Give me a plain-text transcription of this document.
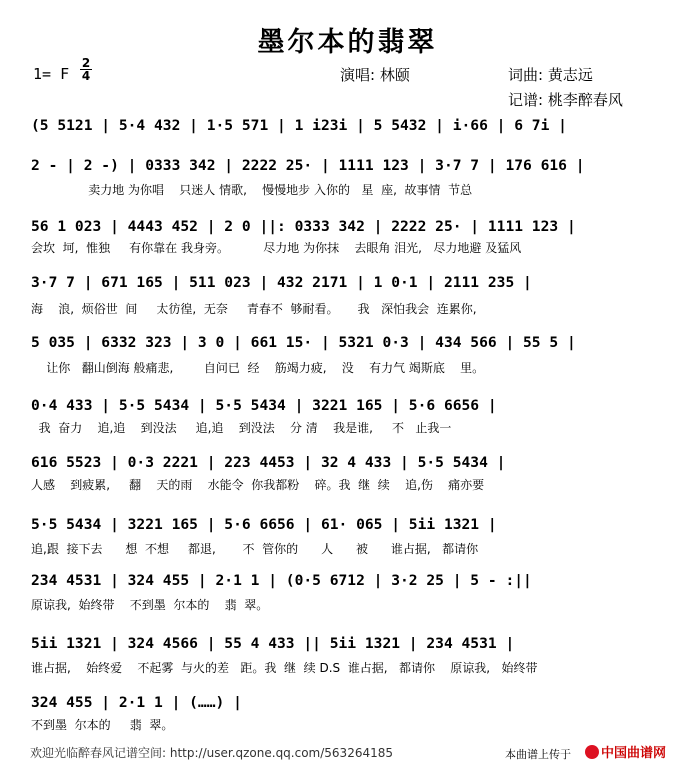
墨尔本的翡翠
1= F
2
4	演唱: 林颐	词曲: 黄志远
记谱: 桃李醉春风
(5 5121 | 5·4 432 | 1·5 571 | 1 i23i | 5 5432 | i·66 | 6 7i |
2 - | 2 -) | 0333 342 | 2222 25· | 1111 123 | 3·7 7 | 176 616 |
卖力地 为你唱    只迷人 情歌,    慢慢地步 入你的   星  座,  故事情  节总
56 1 023 | 4443 452 | 2 0 ||: 0333 342 | 2222 25· | 1111 123 |
会坎  坷,  惟独     有你靠在 我身旁。         尽力地 为你抹    去眼角 泪光,   尽力地避 及猛风
3·7 7 | 671 165 | 511 023 | 432 2171 | 1 0·1 | 2111 235 |
海    浪,  烦俗世  间     太彷徨,  无奈     青春不  够耐看。     我   深怕我会  连累你,
5 035 | 6332 323 | 3 0 | 661 15· | 5321 0·3 | 434 566 | 55 5 |
让你   翻山倒海 般痛悲,        自问已  经    筋竭力疲,    没    有力气 竭斯底    里。
0·4 433 | 5·5 5434 | 5·5 5434 | 3221 165 | 5·6 6656 |
我  奋力    追,追    到没法     追,追    到没法    分 清    我是谁,     不   止我一
616 5523 | 0·3 2221 | 223 4453 | 32 4 433 | 5·5 5434 |
人感    到疲累,     翻    天的雨    水能令  你我都粉    碎。我  继  续    追,伤    痛亦要
5·5 5434 | 3221 165 | 5·6 6656 | 61· 065 | 5ii 1321 |
追,跟  接下去      想  不想     都退,       不  管你的      人      被      谁占据,   都请你
234 4531 | 324 455 | 2·1 1 | (0·5 6712 | 3·2 25 | 5 - :||
原谅我,  始终带    不到墨  尔本的    翡  翠。
5ii 1321 | 324 4566 | 55 4 433 || 5ii 1321 | 234 4531 |
谁占据,    始终爱    不起雾  与火的差   距。我  继  续 D.S  谁占据,   都请你    原谅我,   始终带
324 455 | 2·1 1 | (……) |
不到墨  尔本的     翡  翠。
欢迎光临醉春风记谱空间: http://user.qzone.qq.com/563264185	本曲谱上传于	中国曲谱网
